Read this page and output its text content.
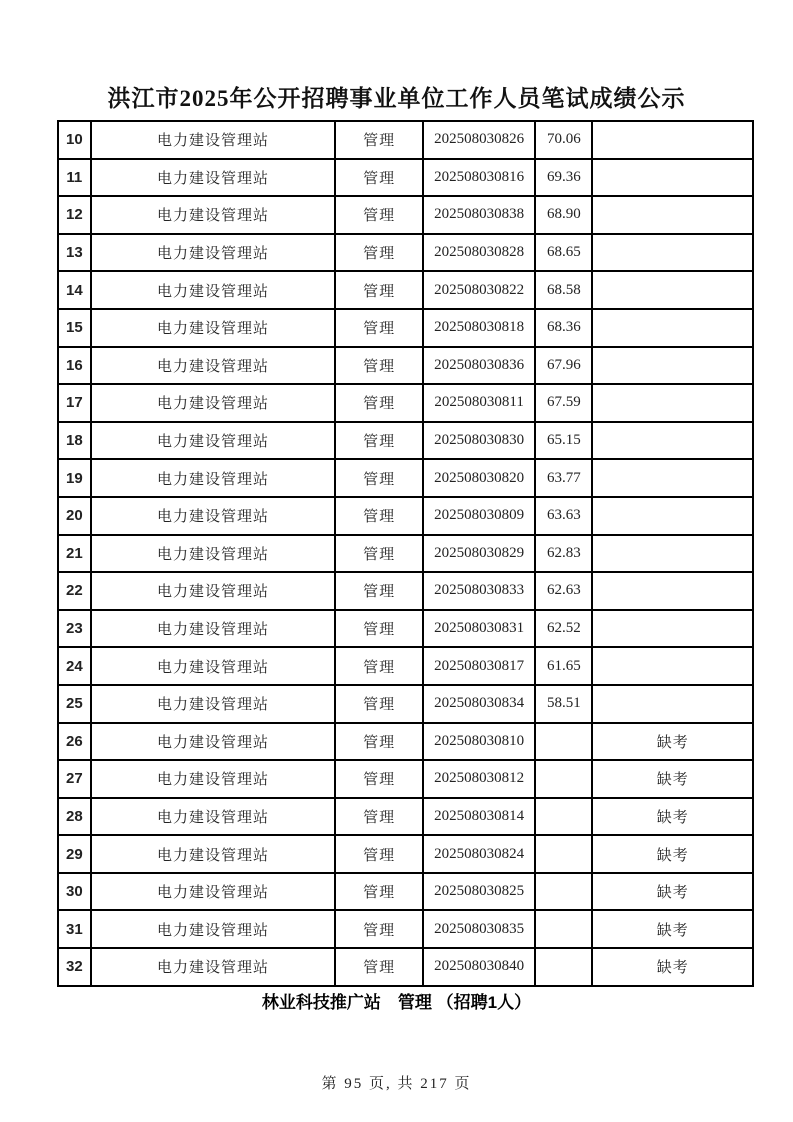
洪江市2025年公开招聘事业单位工作人员笔试成绩公示
10	电力建设管理站	管理	202508030826	70.06	
11	电力建设管理站	管理	202508030816	69.36	
12	电力建设管理站	管理	202508030838	68.90	
13	电力建设管理站	管理	202508030828	68.65	
14	电力建设管理站	管理	202508030822	68.58	
15	电力建设管理站	管理	202508030818	68.36	
16	电力建设管理站	管理	202508030836	67.96	
17	电力建设管理站	管理	202508030811	67.59	
18	电力建设管理站	管理	202508030830	65.15	
19	电力建设管理站	管理	202508030820	63.77	
20	电力建设管理站	管理	202508030809	63.63	
21	电力建设管理站	管理	202508030829	62.83	
22	电力建设管理站	管理	202508030833	62.63	
23	电力建设管理站	管理	202508030831	62.52	
24	电力建设管理站	管理	202508030817	61.65	
25	电力建设管理站	管理	202508030834	58.51	
26	电力建设管理站	管理	202508030810		缺考
27	电力建设管理站	管理	202508030812		缺考
28	电力建设管理站	管理	202508030814		缺考
29	电力建设管理站	管理	202508030824		缺考
30	电力建设管理站	管理	202508030825		缺考
31	电力建设管理站	管理	202508030835		缺考
32	电力建设管理站	管理	202508030840		缺考
林业科技推广站　管理 （招聘1人）
第 95 页, 共 217 页
